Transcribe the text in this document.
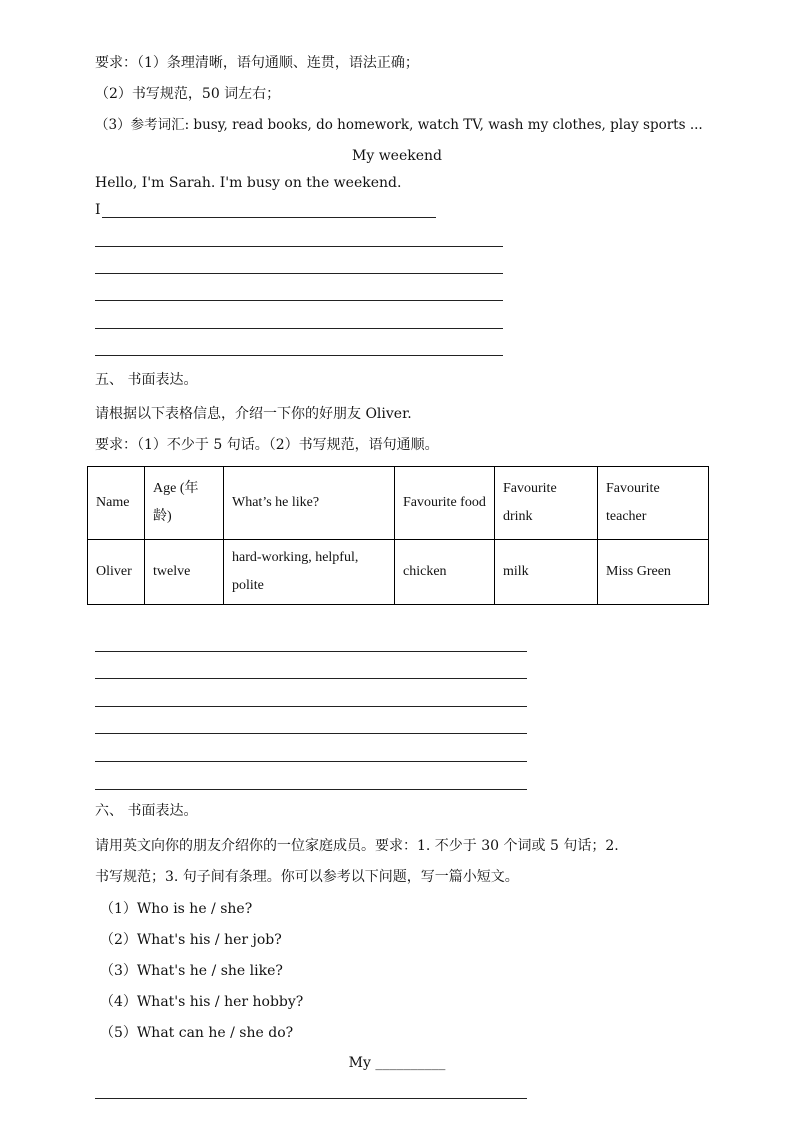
要求：（1）条理清晰，语句通顺、连贯，语法正确；
（2）书写规范，50 词左右；
（3）参考词汇: busy, read books, do homework, watch TV, wash my clothes, play sports ...
My weekend
Hello, I'm Sarah. I'm busy on the weekend.
I
五、 书面表达。
请根据以下表格信息，介绍一下你的好朋友 Oliver.
要求：（1）不少于 5 句话。（2）书写规范，语句通顺。
Name	Age (年龄)	What’s he like?	Favourite food	Favourite drink	Favourite teacher
Oliver	twelve	hard-working, helpful, polite	chicken	milk	Miss Green
六、 书面表达。
请用英文向你的朋友介绍你的一位家庭成员。要求：1. 不少于 30 个词或 5 句话；2.
书写规范；3. 句子间有条理。你可以参考以下问题，写一篇小短文。
（1）Who is he / she?
（2）What's his / her job?
（3）What's he / she like?
（4）What's his / her hobby?
（5）What can he / she do?
My __________
